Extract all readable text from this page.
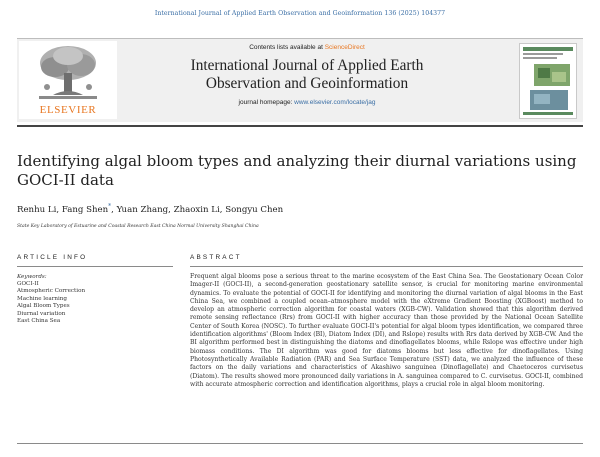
International Journal of Applied Earth Observation and Geoinformation 136 (2025) 104377
ELSEVIER
Contents lists available at ScienceDirect
International Journal of Applied Earth
Observation and Geoinformation
journal homepage: www.elsevier.com/locate/jag
Identifying algal bloom types and analyzing their diurnal variations using GOCI-II data
Renhu Li, Fang Shen*, Yuan Zhang, Zhaoxin Li, Songyu Chen
State Key Laboratory of Estuarine and Coastal Research East China Normal University Shanghai China
ARTICLE INFO
Keywords:
GOCI-II
Atmospheric Correction
Machine learning
Algal Bloom Types
Diurnal variation
East China Sea
ABSTRACT
Frequent algal blooms pose a serious threat to the marine ecosystem of the East China Sea. The Geostationary Ocean Color Imager-II (GOCI-II), a second-generation geostationary satellite sensor, is crucial for monitoring marine environmental dynamics. To evaluate the potential of GOCI-II for identifying and monitoring the diurnal variation of algal blooms in the East China Sea, we combined a coupled ocean–atmosphere model with the eXtreme Gradient Boosting (XGBoost) method to develop an atmospheric correction algorithm for coastal waters (XGB-CW). Validation showed that this algorithm derived remote sensing reflectance (Rrs) from GOCI-II with higher accuracy than those provided by the National Ocean Satellite Center of South Korea (NOSC). To further evaluate GOCI-II's potential for algal bloom types identification, we compared three identification algorithms' (Bloom Index (BI), Diatom Index (DI), and Rslope) results with Rrs data derived by XGB-CW. And the BI algorithm performed best in distinguishing the diatoms and dinoflagellates blooms, while Rslope was effective under high biomass conditions. The DI algorithm was good for diatoms blooms but less effective for dinoflagellates. Using Photosynthetically Available Radiation (PAR) and Sea Surface Temperature (SST) data, we analyzed the influence of these factors on the daily variations and characteristics of Akashiwo sanguinea (Dinoflagellate) and Chaetoceros curvisetus (Diatom). The results showed more pronounced daily variations in A. sanguinea compared to C. curvisetus. GOCI-II, combined with accurate atmospheric correction and identification algorithms, plays a crucial role in algal bloom monitoring.
